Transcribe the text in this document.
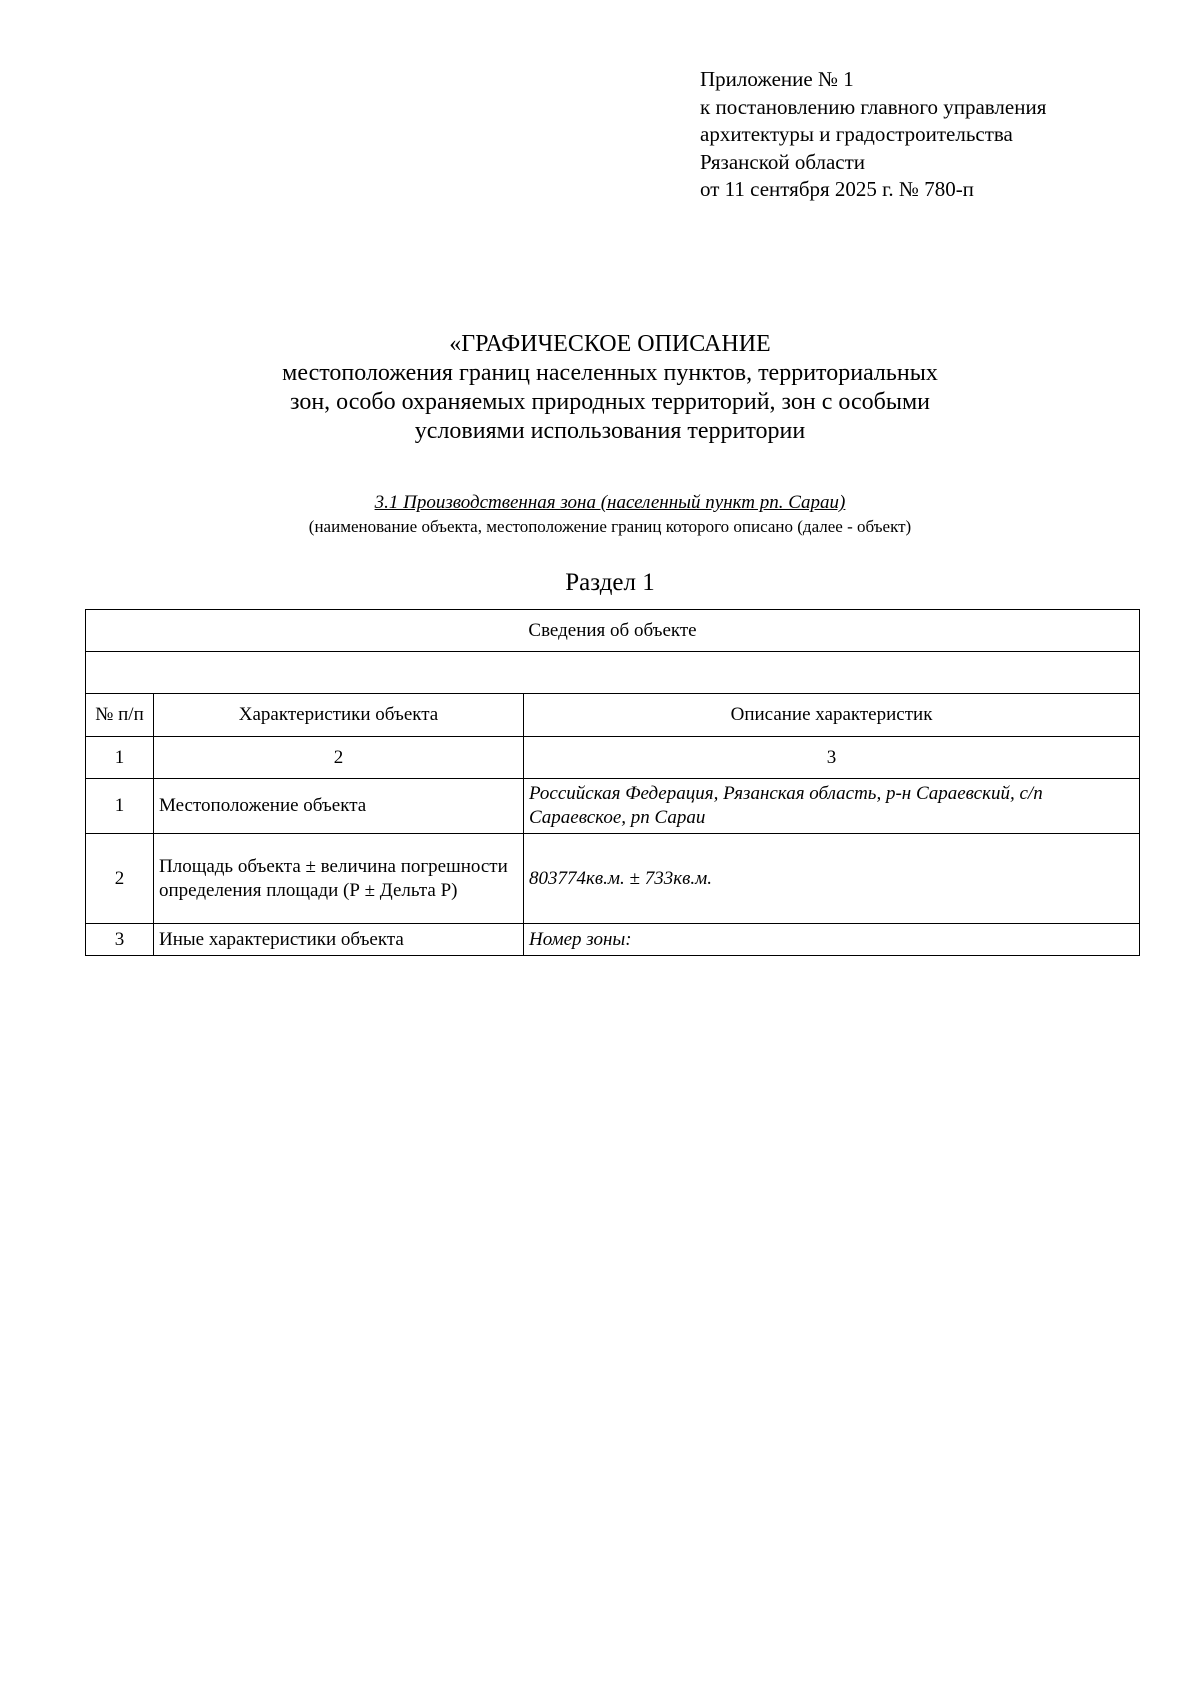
Приложение № 1
к постановлению главного управления
архитектуры и градостроительства
Рязанской области
от 11 сентября 2025 г. № 780-п
«ГРАФИЧЕСКОЕ ОПИСАНИЕ
местоположения границ населенных пунктов, территориальных
зон, особо охраняемых природных территорий, зон с особыми
условиями использования территории
3.1 Производственная зона (населенный пункт рп. Сараи)
(наименование объекта, местоположение границ которого описано (далее - объект)
Раздел 1
Сведения об объекте		

№ п/п	Характеристики объекта	Описание характеристик
1	2	3
1	Местоположение объекта	Российская Федерация, Рязанская область, р-н Сараевский, с/п Сараевское, рп Сараи
2	Площадь объекта ± величина погрешности определения площади (Р ± Дельта Р)	803774кв.м. ± 733кв.м.
3	Иные характеристики объекта	Номер зоны:
